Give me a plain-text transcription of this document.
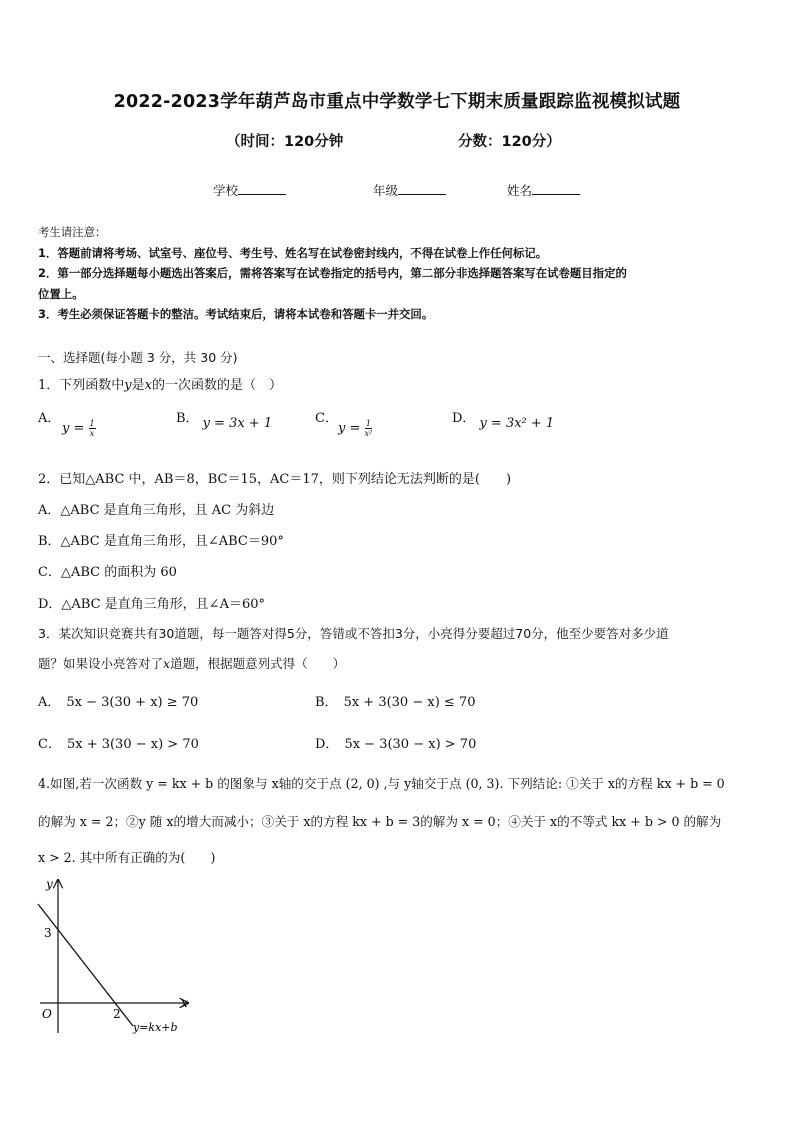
2022-2023学年葫芦岛市重点中学数学七下期末质量跟踪监视模拟试题
（时间：120分钟	分数：120分）
学校	年级	姓名
考生请注意：
1．答题前请将考场、试室号、座位号、考生号、姓名写在试卷密封线内，不得在试卷上作任何标记。
2．第一部分选择题每小题选出答案后，需将答案写在试卷指定的括号内，第二部分非选择题答案写在试卷题目指定的
位置上。
3．考生必须保证答题卡的整洁。考试结束后，请将本试卷和答题卡一并交回。
一、选择题(每小题 3 分，共 30 分)
1．下列函数中y是x的一次函数的是（　）
A．
$y = \frac{1}{x}$
B． y = 3x + 1	C．
$y = \frac{1}{\text{x²}}$
D． y = 3x² + 1
2．已知△ABC 中，AB＝8，BC＝15，AC＝17，则下列结论无法判断的是(　　)
A．△ABC 是直角三角形，且 AC 为斜边
B．△ABC 是直角三角形，且∠ABC＝90°
C．△ABC 的面积为 60
D．△ABC 是直角三角形，且∠A＝60°
3．某次知识竞赛共有30道题，每一题答对得5分，答错或不答扣3分，小亮得分要超过70分，他至少要答对多少道
题？如果设小亮答对了x道题，根据题意列式得（　　）
A． 5x − 3(30 + x) ≥ 70	B． 5x + 3(30 − x) ≤ 70
C． 5x + 3(30 − x) > 70	D． 5x − 3(30 − x) > 70
4.如图,若一次函数 y = kx + b 的图象与 x轴的交于点 (2, 0) ,与 y轴交于点 (0, 3). 下列结论: ①关于 x的方程 kx + b = 0
的解为 x = 2；②y 随 x的增大而减小；③关于 x的方程 kx + b = 3的解为 x = 0；④关于 x的不等式 kx + b > 0 的解为
x > 2. 其中所有正确的为(　　)
x
y
O	2
3
y=kx+b
